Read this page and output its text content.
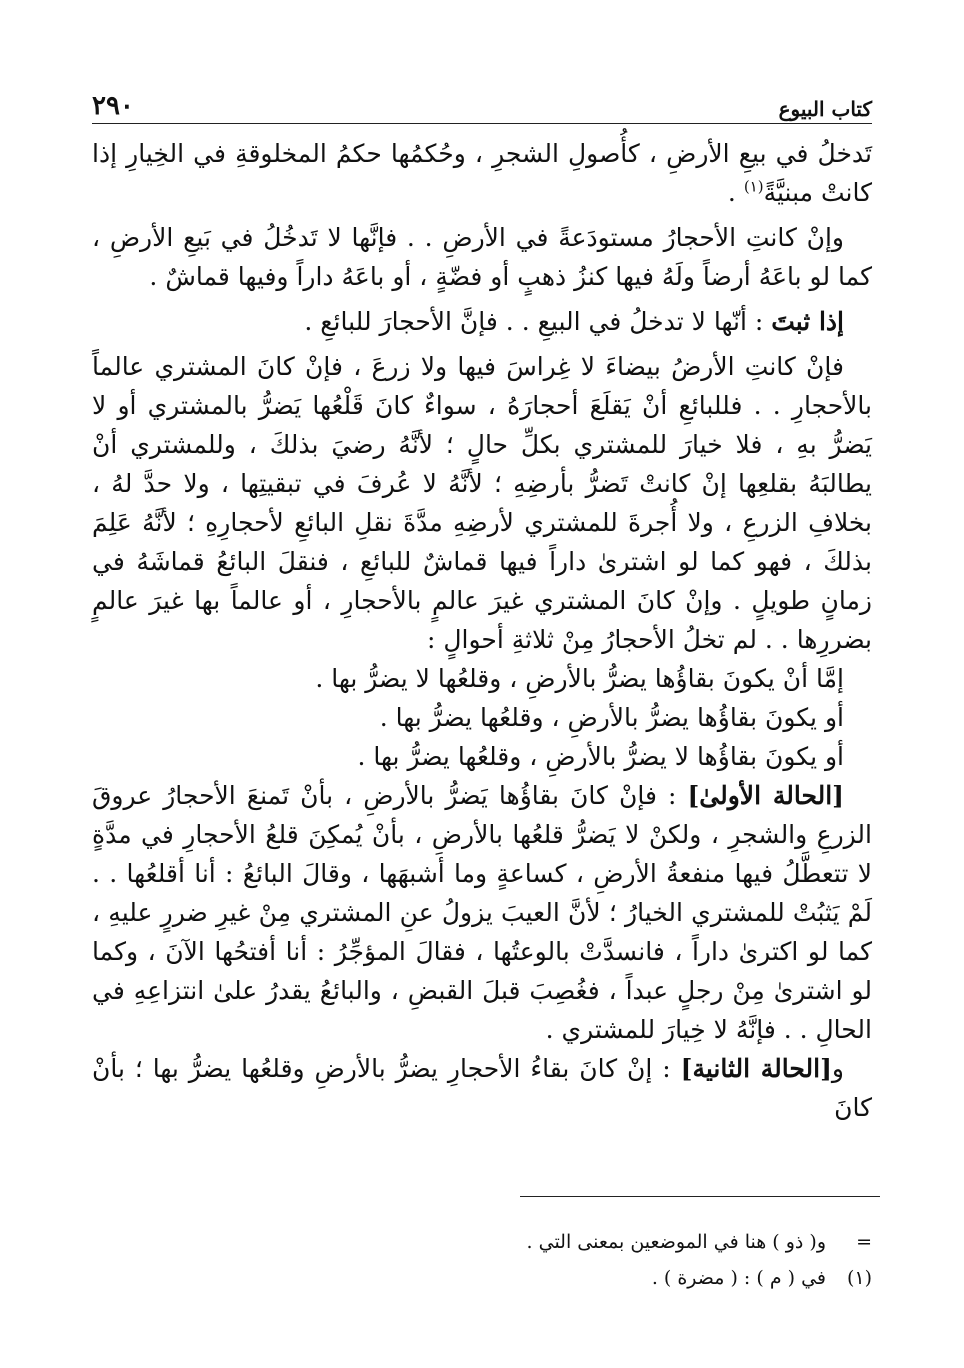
كتاب البيوع
٢٩٠

تَدخلُ في بيعِ الأرضِ ، كأُصولِ الشجرِ ، وحُكمُها حكمُ المخلوقةِ في الخِيارِ إذا كانتْ مبنيَّةً$^{(١)}$ .

وإنْ كانتِ الأحجارُ مستودَعةً في الأرضِ . . فإنَّها لا تَدخُلُ في بَيعِ الأرضِ ، كما لو باعَهُ أرضاً ولَهُ فيها كنزُ ذهبٍ أو فضّةٍ ، أو باعَهُ داراً وفيها قماشٌ .

إذا ثبتَ : أنّها لا تدخلُ في البيعِ . . فإنَّ الأحجارَ للبائعِ .

فإنْ كانتِ الأرضُ بيضاءَ لا غِراسَ فيها ولا زرعَ ، فإنْ كانَ المشتري عالماً بالأحجارِ . . فللبائعِ أنْ يَقلَعَ أحجارَهُ ، سواءٌ كانَ قَلْعُها يَضرُّ بالمشتري أو لا يَضرُّ بهِ ، فلا خيارَ للمشتري بكلِّ حالٍ ؛ لأنَّهُ رضيَ بذلكَ ، وللمشتري أنْ يطالبَهُ بقلعِها إنْ كانتْ تَضرُّ بأرضِهِ ؛ لأنَّهُ لا عُرفَ في تبقيتِها ، ولا حدَّ لهُ ، بخلافِ الزرعِ ، ولا أُجرةَ للمشتري لأرضِهِ مدَّةَ نقلِ البائعِ لأحجارِهِ ؛ لأنَّهُ عَلِمَ بذلكَ ، فهو كما لو اشترىٰ داراً فيها قماشٌ للبائعِ ، فنقلَ البائعُ قماشَهُ في زمانٍ طويلٍ . وإنْ كانَ المشتري غيرَ عالمٍ بالأحجارِ ، أو عالماً بها غيرَ عالمٍ بضررِها . . لم تخلُ الأحجارُ مِنْ ثلاثةِ أحوالٍ :

إمَّا أنْ يكونَ بقاؤُها يضرُّ بالأرضِ ، وقلعُها لا يضرُّ بها .

أو يكونَ بقاؤُها يضرُّ بالأرضِ ، وقلعُها يضرُّ بها .

أو يكونَ بقاؤُها لا يضرُّ بالأرضِ ، وقلعُها يضرُّ بها .

[الحالة الأولىٰ] : فإنْ كانَ بقاؤُها يَضرُّ بالأرضِ ، بأنْ تَمنعَ الأحجارُ عروقَ الزرعِ والشجرِ ، ولكنْ لا يَضرُّ قلعُها بالأرضِ ، بأنْ يُمكِنَ قلعُ الأحجارِ في مدَّةٍ لا تتعطَّلُ فيها منفعةُ الأرضِ ، كساعةٍ وما أشبهَها ، وقالَ البائعُ : أنا أقلعُها . . لَمْ يَثبُتْ للمشتري الخيارُ ؛ لأنَّ العيبَ يزولُ عنِ المشتري مِنْ غيرِ ضررٍ عليهِ ، كما لو اكترىٰ داراً ، فانسدَّتْ بالوعتُها ، فقالَ المؤجِّرُ : أنا أفتحُها الآنَ ، وكما لو اشترىٰ مِنْ رجلٍ عبداً ، فغُصِبَ قبلَ القبضِ ، والبائعُ يقدرُ علىٰ انتزاعِهِ في الحالِ . . فإنَّهُ لا خِيارَ للمشتري .

و[الحالة الثانية] : إنْ كانَ بقاءُ الأحجارِ يضرُّ بالأرضِ وقلعُها يضرُّ بها ؛ بأنْ كانَ

=
و( ذو ) هنا في الموضعين بمعنى التي .
(١)
في ( م ) : ( مضرة ) .
